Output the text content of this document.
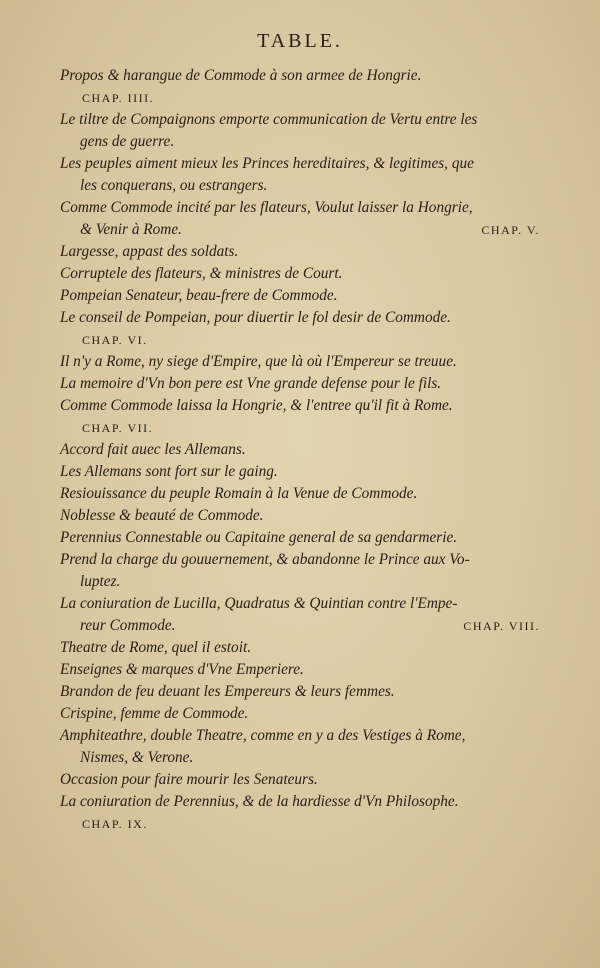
TABLE.
Propos & harangue de Commode à son armee de Hongrie.
CHAP. IIII.
Le tiltre de Compaignons emporte communication de Vertu entre les
gens de guerre.
Les peuples aiment mieux les Princes hereditaires, & legitimes, que
les conquerans, ou estrangers.
Comme Commode incité par les flateurs, Voulut laisser la Hongrie,
& Venir à Rome.	CHAP. V.
Largesse, appast des soldats.
Corruptele des flateurs, & ministres de Court.
Pompeian Senateur, beau-frere de Commode.
Le conseil de Pompeian, pour diuertir le fol desir de Commode.
CHAP. VI.
Il n'y a Rome, ny siege d'Empire, que là où l'Empereur se treuue.
La memoire d'Vn bon pere est Vne grande defense pour le fils.
Comme Commode laissa la Hongrie, & l'entree qu'il fit à Rome.
CHAP. VII.
Accord fait auec les Allemans.
Les Allemans sont fort sur le gaing.
Resiouissance du peuple Romain à la Venue de Commode.
Noblesse & beauté de Commode.
Perennius Connestable ou Capitaine general de sa gendarmerie.
Prend la charge du gouuernement, & abandonne le Prince aux Vo-
luptez.
La coniuration de Lucilla, Quadratus & Quintian contre l'Empe-
reur Commode.	CHAP. VIII.
Theatre de Rome, quel il estoit.
Enseignes & marques d'Vne Emperiere.
Brandon de feu deuant les Empereurs & leurs femmes.
Crispine, femme de Commode.
Amphiteathre, double Theatre, comme en y a des Vestiges à Rome,
Nismes, & Verone.
Occasion pour faire mourir les Senateurs.
La coniuration de Perennius, & de la hardiesse d'Vn Philosophe.
CHAP. IX.
